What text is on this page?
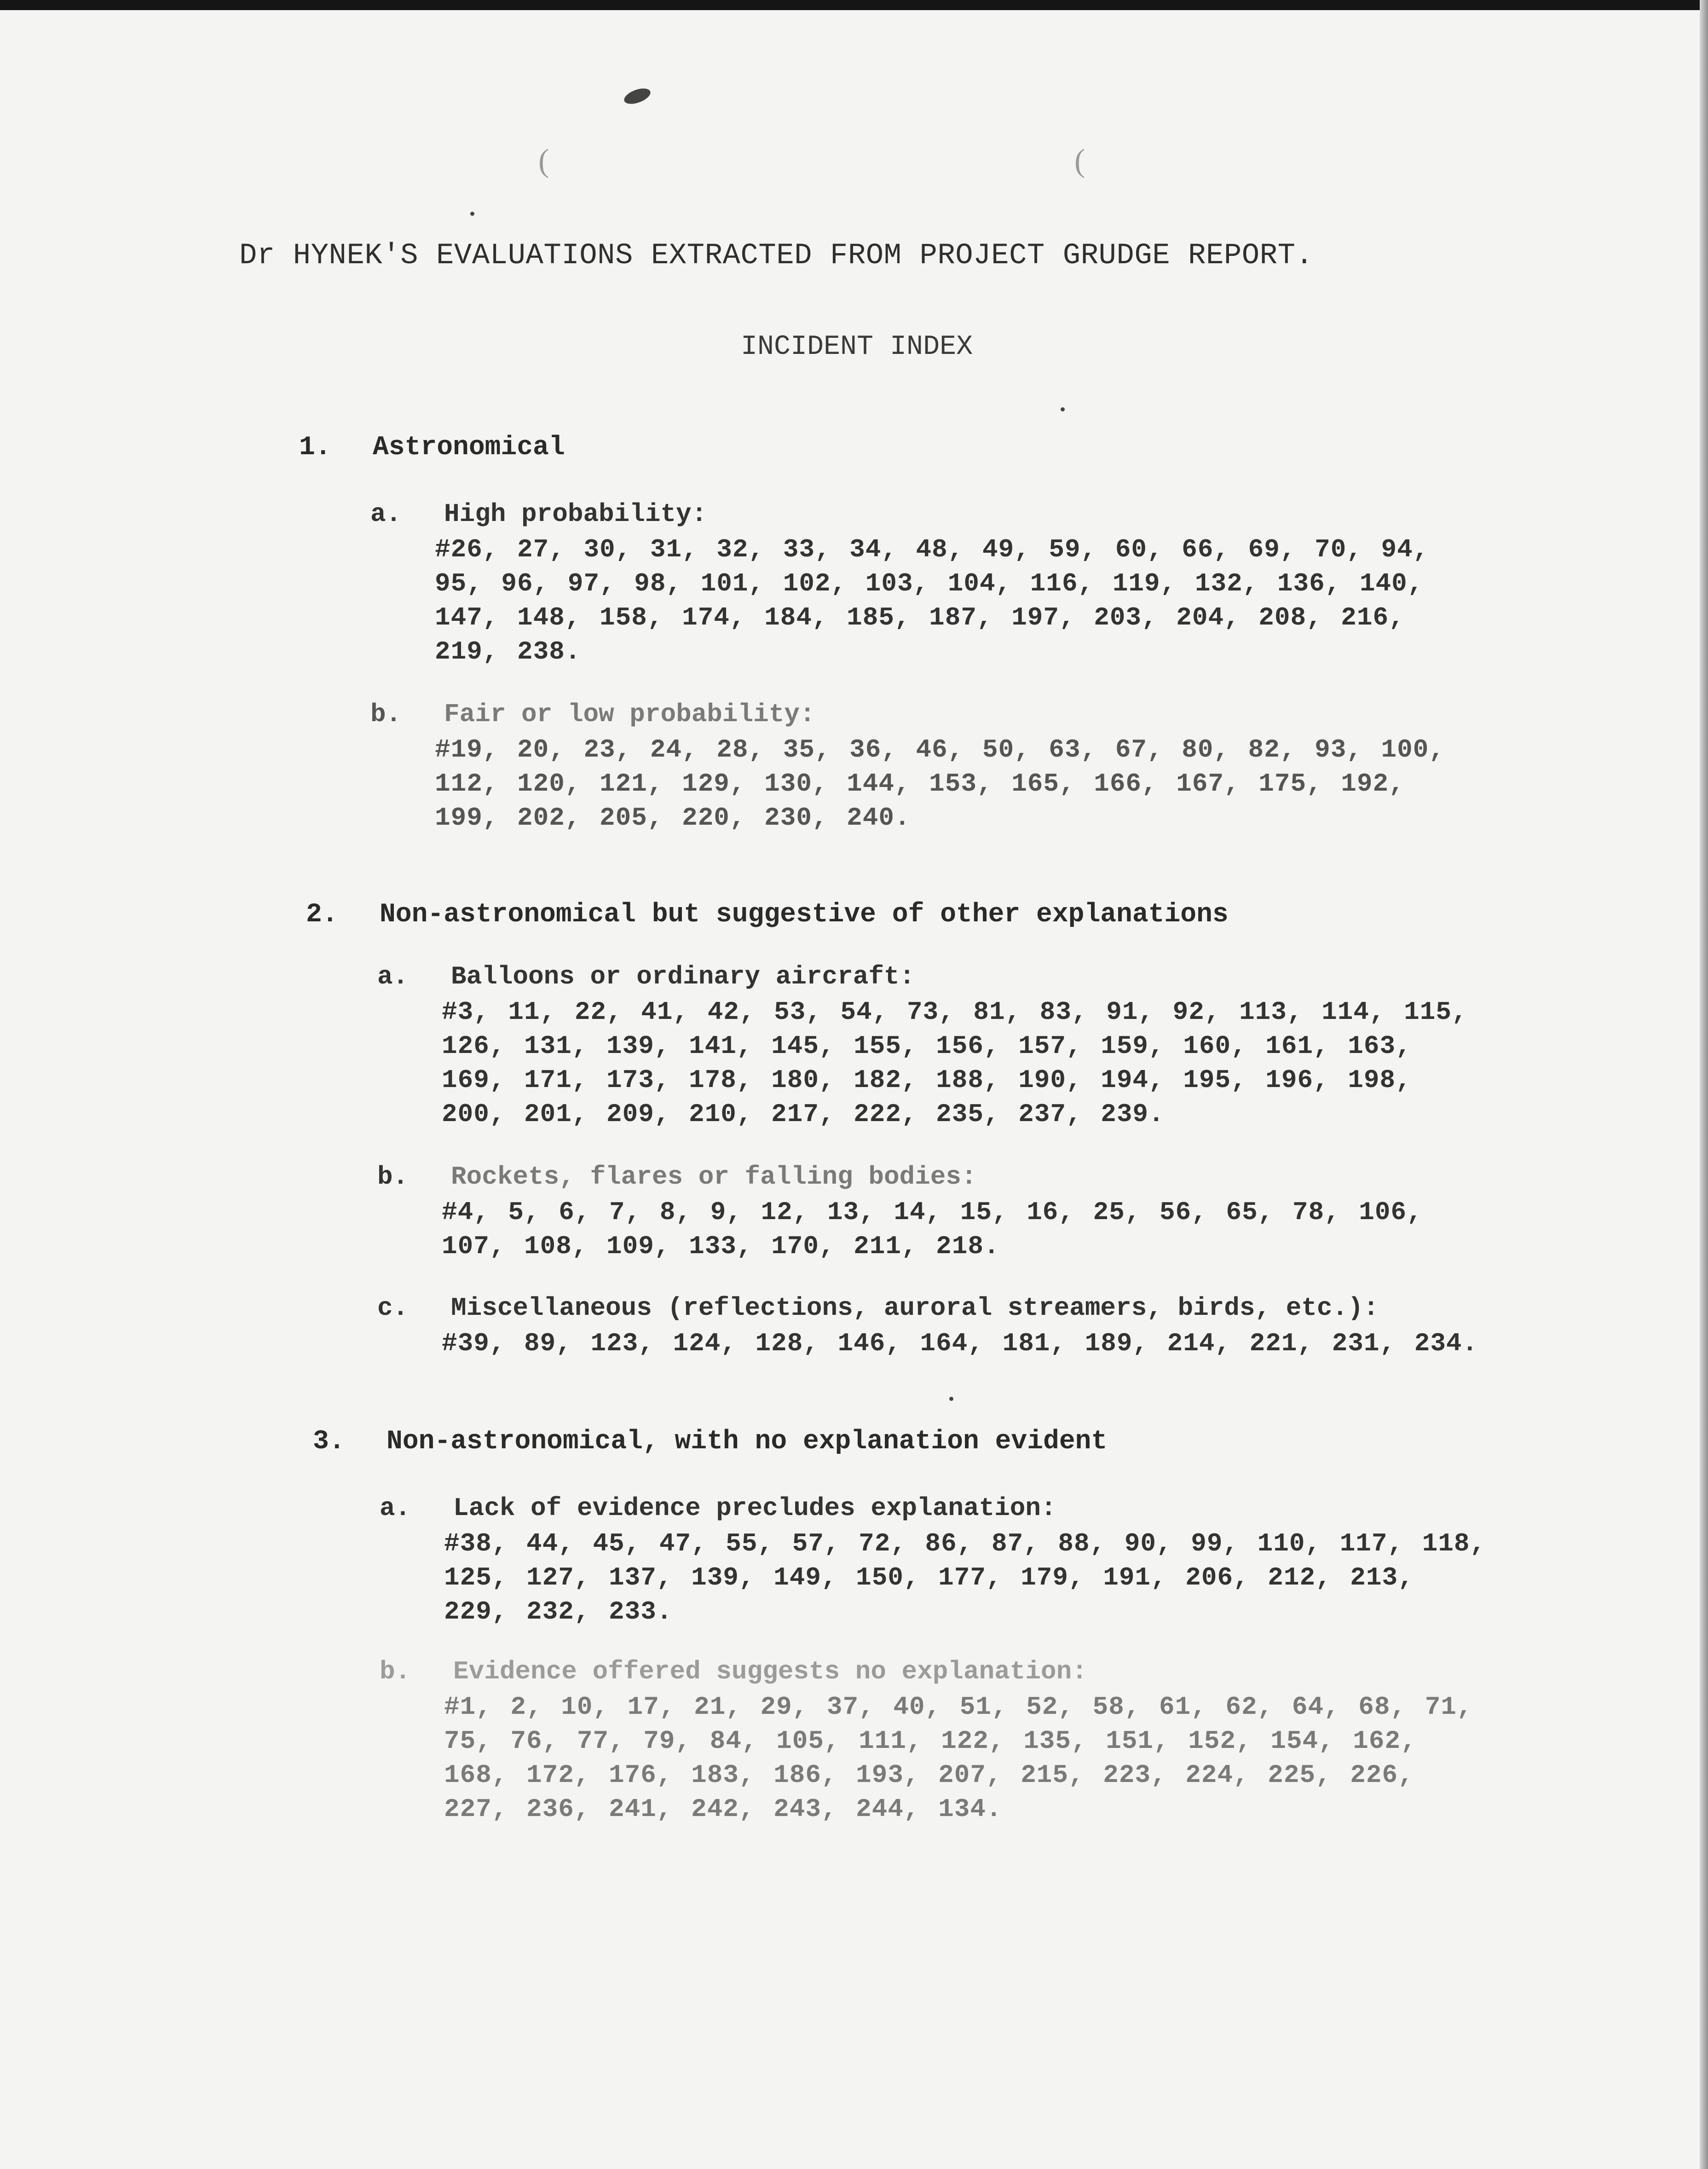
(	(
Dr HYNEK'S EVALUATIONS EXTRACTED FROM PROJECT GRUDGE REPORT.
INCIDENT INDEX
1. Astronomical
a. High probability:
#26, 27, 30, 31, 32, 33, 34, 48, 49, 59, 60, 66, 69, 70, 94, 95, 96, 97, 98, 101, 102, 103, 104, 116, 119, 132, 136, 140, 147, 148, 158, 174, 184, 185, 187, 197, 203, 204, 208, 216, 219, 238.
b. Fair or low probability:
#19, 20, 23, 24, 28, 35, 36, 46, 50, 63, 67, 80, 82, 93, 100, 112, 120, 121, 129, 130, 144, 153, 165, 166, 167, 175, 192, 199, 202, 205, 220, 230, 240.
2. Non-astronomical but suggestive of other explanations
a. Balloons or ordinary aircraft:
#3, 11, 22, 41, 42, 53, 54, 73, 81, 83, 91, 92, 113, 114, 115, 126, 131, 139, 141, 145, 155, 156, 157, 159, 160, 161, 163, 169, 171, 173, 178, 180, 182, 188, 190, 194, 195, 196, 198, 200, 201, 209, 210, 217, 222, 235, 237, 239.
b. Rockets, flares or falling bodies:
#4, 5, 6, 7, 8, 9, 12, 13, 14, 15, 16, 25, 56, 65, 78, 106, 107, 108, 109, 133, 170, 211, 218.
c. Miscellaneous (reflections, auroral streamers, birds, etc.):
#39, 89, 123, 124, 128, 146, 164, 181, 189, 214, 221, 231, 234.
3. Non-astronomical, with no explanation evident
a. Lack of evidence precludes explanation:
#38, 44, 45, 47, 55, 57, 72, 86, 87, 88, 90, 99, 110, 117, 118, 125, 127, 137, 139, 149, 150, 177, 179, 191, 206, 212, 213, 229, 232, 233.
b. Evidence offered suggests no explanation:
#1, 2, 10, 17, 21, 29, 37, 40, 51, 52, 58, 61, 62, 64, 68, 71, 75, 76, 77, 79, 84, 105, 111, 122, 135, 151, 152, 154, 162, 168, 172, 176, 183, 186, 193, 207, 215, 223, 224, 225, 226, 227, 236, 241, 242, 243, 244, 134.
